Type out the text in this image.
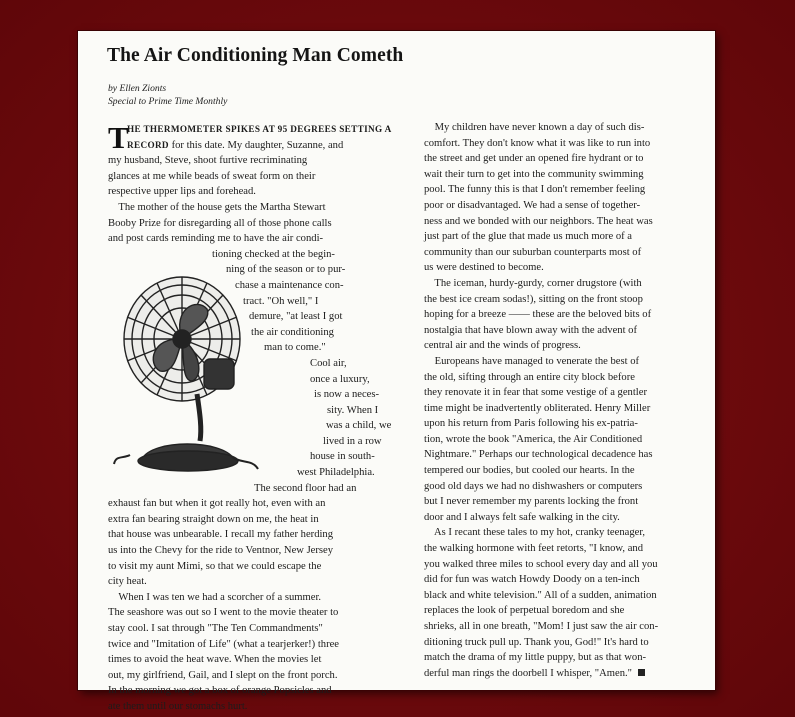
The Air Conditioning Man Cometh
by Ellen Zionts
Special to Prime Time Monthly
T

HE THERMOMETER SPIKES AT 95 DEGREES SETTING A

RECORD for this date. My daughter, Suzanne, and

my husband, Steve, shoot furtive recriminating

glances at me while beads of sweat form on their

respective upper lips and forehead.

The mother of the house gets the Martha Stewart

Booby Prize for disregarding all of those phone calls

and post cards reminding me to have the air condi-

tioning checked at the begin-

ning of the season or to pur-

chase a maintenance con-

tract. "Oh well," I

demure, "at least I got

the air conditioning

man to come."

Cool air,

once a luxury,

is now a neces-

sity. When I

was a child, we

lived in a row

house in south-

west Philadelphia.

The second floor had an

exhaust fan but when it got really hot, even with an

extra fan bearing straight down on me, the heat in

that house was unbearable. I recall my father herding

us into the Chevy for the ride to Ventnor, New Jersey

to visit my aunt Mimi, so that we could escape the

city heat.

When I was ten we had a scorcher of a summer.

The seashore was out so I went to the movie theater to

stay cool. I sat through "The Ten Commandments"

twice and "Imitation of Life" (what a tearjerker!) three

times to avoid the heat wave. When the movies let

out, my girlfriend, Gail, and I slept on the front porch.

In the morning we got a box of orange Popsicles and

ate them until our stomachs hurt.

My children have never known a day of such dis-

comfort. They don't know what it was like to run into

the street and get under an opened fire hydrant or to

wait their turn to get into the community swimming

pool. The funny this is that I don't remember feeling

poor or disadvantaged. We had a sense of together-

ness and we bonded with our neighbors. The heat was

just part of the glue that made us much more of a

community than our suburban counterparts most of

us were destined to become.

The iceman, hurdy-gurdy, corner drugstore (with

the best ice cream sodas!), sitting on the front stoop

hoping for a breeze —— these are the beloved bits of

nostalgia that have blown away with the advent of

central air and the winds of progress.

Europeans have managed to venerate the best of

the old, sifting through an entire city block before

they renovate it in fear that some vestige of a gentler

time might be inadvertently obliterated. Henry Miller

upon his return from Paris following his ex-patria-

tion, wrote the book "America, the Air Conditioned

Nightmare." Perhaps our technological decadence has

tempered our bodies, but cooled our hearts. In the

good old days we had no dishwashers or computers

but I never remember my parents locking the front

door and I always felt safe walking in the city.

As I recant these tales to my hot, cranky teenager,

the walking hormone with feet retorts, "I know, and

you walked three miles to school every day and all you

did for fun was watch Howdy Doody on a ten-inch

black and white television." All of a sudden, animation

replaces the look of perpetual boredom and she

shrieks, all in one breath, "Mom! I just saw the air con-

ditioning truck pull up. Thank you, God!" It's hard to

match the drama of my little puppy, but as that won-

derful man rings the doorbell I whisper, "Amen."
